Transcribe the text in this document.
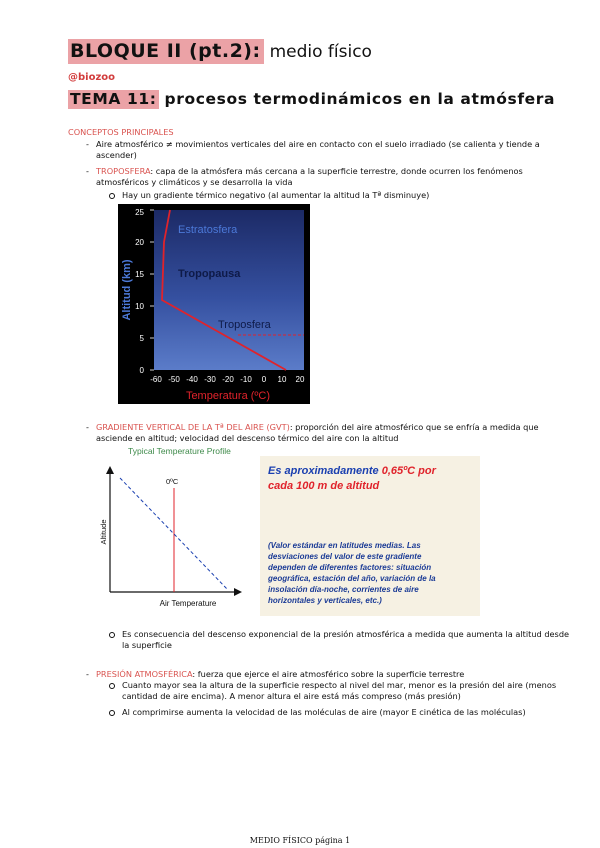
BLOQUE II (pt.2): medio físico
@biozoo
TEMA 11: procesos termodinámicos en la atmósfera
CONCEPTOS PRINCIPALES
- Aire atmosférico ≠ movimientos verticales del aire en contacto con el suelo irradiado (se calienta y tiende a
ascender)
- TROPOSFERA: capa de la atmósfera más cercana a la superficie terrestre, donde ocurren los fenómenos
atmosféricos y climáticos y se desarrolla la vida
Hay un gradiente térmico negativo (al aumentar la altitud la Tª disminuye)
0
5
10
15
20
25
-60 -50 -40 -30 -20 -10 0 10 20
Altitud (km)
Temperatura (ºC)
Estratosfera
Tropopausa
Troposfera
- GRADIENTE VERTICAL DE LA Tª DEL AIRE (GVT): proporción del aire atmosférico que se enfría a medida que
asciende en altitud; velocidad del descenso térmico del aire con la altitud
Typical Temperature Profile
0ºC
Altitude
Air Temperature
Es aproximadamente 0,65ºC por
cada 100 m de altitud
(Valor estándar en latitudes medias. Las
desviaciones del valor de este gradiente
dependen de diferentes factores: situación
geográfica, estación del año, variación de la
insolación día-noche, corrientes de aire
horizontales y verticales, etc.)
Es consecuencia del descenso exponencial de la presión atmosférica a medida que aumenta la altitud desde
la superficie
- PRESIÓN ATMOSFÉRICA: fuerza que ejerce el aire atmosférico sobre la superficie terrestre
Cuanto mayor sea la altura de la superficie respecto al nivel del mar, menor es la presión del aire (menos
cantidad de aire encima). A menor altura el aire está más compreso (más presión)
Al comprimirse aumenta la velocidad de las moléculas de aire (mayor E cinética de las moléculas)
MEDIO FÍSICO página 1
